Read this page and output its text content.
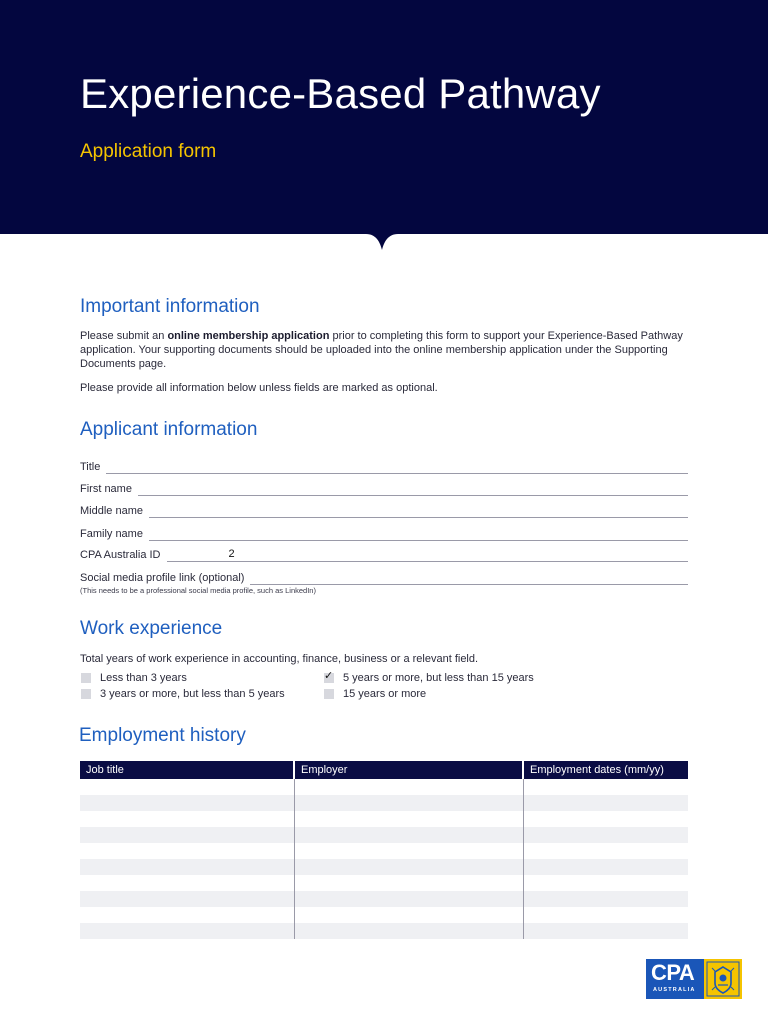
Experience-Based Pathway
Application form
Important information
Please submit an online membership application prior to completing this form to support your Experience-Based Pathway application. Your supporting documents should be uploaded into the online membership application under the Supporting Documents page.
Please provide all information below unless fields are marked as optional.
Applicant information
Title
First name
Middle name
Family name
CPA Australia ID	2
Social media profile link (optional)
(This needs to be a professional social media profile, such as LinkedIn)
Work experience
Total years of work experience in accounting, finance, business or a relevant field.
Less than 3 years
3 years or more, but less than 5 years
✓ 5 years or more, but less than 15 years
15 years or more
Employment history
Job title	Employer	Employment dates (mm/yy)

CPA
AUSTRALIA
